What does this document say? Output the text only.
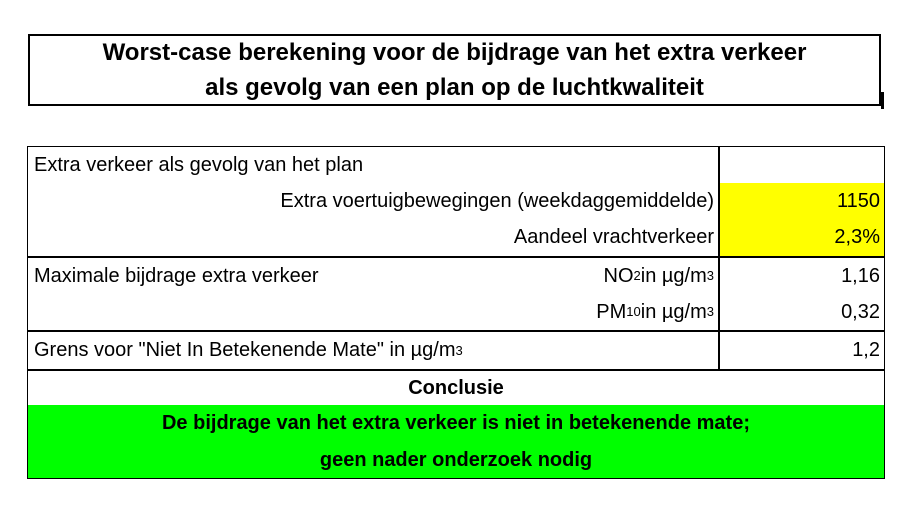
Worst-case berekening voor de bijdrage van het extra verkeer
als gevolg van een plan op de luchtkwaliteit
Extra verkeer als gevolg van het plan
Extra voertuigbewegingen (weekdaggemiddelde)	1150
Aandeel vrachtverkeer	2,3%
Maximale bijdrage extra verkeer	NO 2 in µg/m 3	1,16
PM 10 in µg/m 3	0,32
Grens voor "Niet In Betekenende Mate" in µg/m 3	1,2
Conclusie
De bijdrage van het extra verkeer is niet in betekenende mate;
geen nader onderzoek nodig
